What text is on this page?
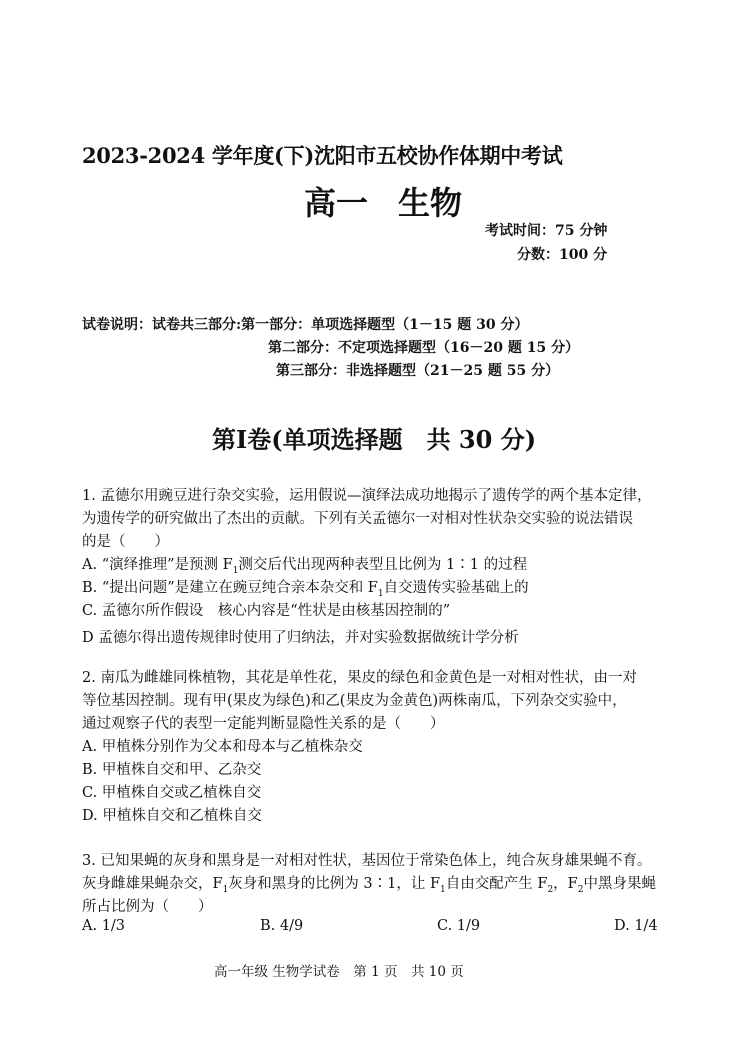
2023-2024 学年度(下)沈阳市五校协作体期中考试
高一 生物
考试时间：75 分钟
分数：100 分
试卷说明：试卷共三部分:第一部分：单项选择题型（1－15 题 30 分）
第二部分：不定项选择题型（16－20 题 15 分）
第三部分：非选择题型（21－25 题 55 分）
第Ⅰ卷(单项选择题　共 30 分)
1. 孟德尔用豌豆进行杂交实验，运用假说—演绎法成功地揭示了遗传学的两个基本定律，
为遗传学的研究做出了杰出的贡献。下列有关孟德尔一对相对性状杂交实验的说法错误
的是（　　）
A. “演绎推理”是预测 $F_1$测交后代出现两种表型且比例为 1∶1 的过程
B. “提出问题”是建立在豌豆纯合亲本杂交和 $F_1$自交遗传实验基础上的
C. 孟德尔所作假设　核心内容是“性状是由核基因控制的”
D 孟德尔得出遗传规律时使用了归纳法，并对实验数据做统计学分析
2. 南瓜为雌雄同株植物，其花是单性花，果皮的绿色和金黄色是一对相对性状，由一对
等位基因控制。现有甲(果皮为绿色)和乙(果皮为金黄色)两株南瓜，下列杂交实验中，
通过观察子代的表型一定能判断显隐性关系的是（　　）
A. 甲植株分别作为父本和母本与乙植株杂交
B. 甲植株自交和甲、乙杂交
C. 甲植株自交或乙植株自交
D. 甲植株自交和乙植株自交
3. 已知果蝇的灰身和黑身是一对相对性状，基因位于常染色体上，纯合灰身雄果蝇不育。
灰身雌雄果蝇杂交，$F_1$灰身和黑身的比例为 3∶1，让 $F_1$自由交配产生 $F_2$，$F_2$中黑身果蝇
所占比例为（　　）
A. 1/3	B. 4/9	C. 1/9	D. 1/4
高一年级 生物学试卷　第 1 页　共 10 页
